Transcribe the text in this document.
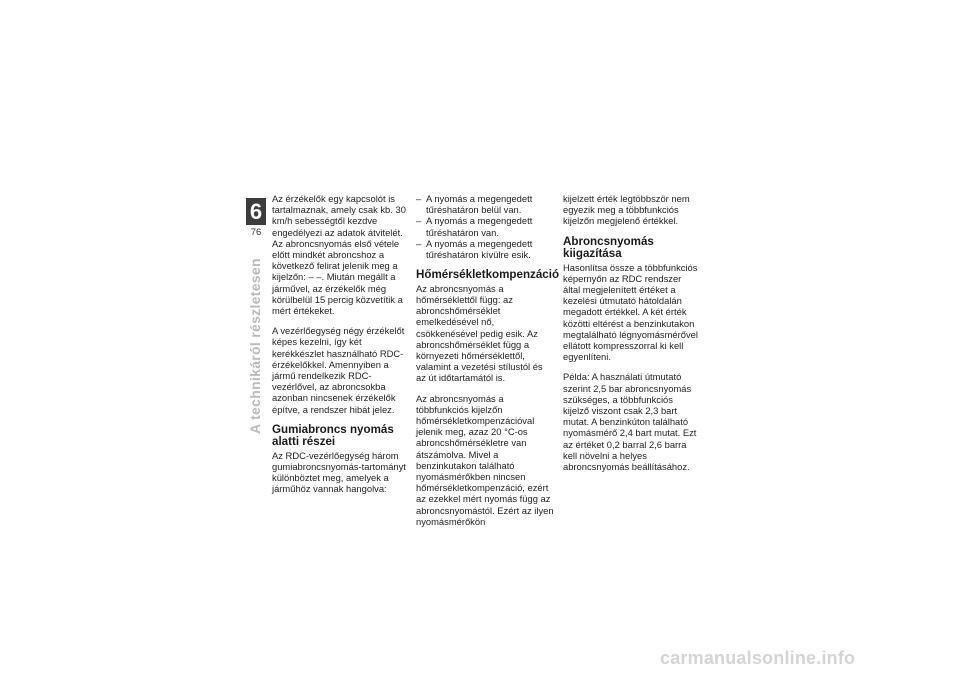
6
76
A technikáról részletesen

Az érzékelők egy kapcsolót is tartalmaznak, amely csak kb. 30 km/h sebességtől kezdve engedélyezi az adatok átvitelét. Az abroncsnyomás első vétele előtt mindkét abroncshoz a következő felirat jelenik meg a kijelzőn: – –. Miután megállt a járművel, az érzékelők még körülbelül 15 percig közvetítik a mért értékeket.

A vezérlőegység négy érzékelőt képes kezelni, így két kerékkészlet használható RDC-érzékelőkkel. Amennyiben a jármű rendelkezik RDC-vezérlővel, az abroncsokba azonban nincsenek érzékelők építve, a rendszer hibát jelez.

Gumiabroncs nyomás alatti részei

Az RDC-vezérlőegység három gumiabroncsnyomás-tartományt különböztet meg, amelyek a járműhöz vannak hangolva:

– A nyomás a megengedett tűréshatáron belül van.
– A nyomás a megengedett tűréshatáron van.
– A nyomás a megengedett tűréshatáron kívülre esik.
Hőmérsékletkompenzáció

Az abroncsnyomás a hőmérséklettől függ: az abroncshőmérséklet emelkedésével nő, csökkenésével pedig esik. Az abroncshőmérséklet függ a környezeti hőmérséklettől, valamint a vezetési stílustól és az út időtartamától is.

Az abroncsnyomás a többfunkciós kijelzőn hőmérsékletkompenzációval jelenik meg, azaz 20 °C-os abroncshőmérsékletre van átszámolva. Mivel a benzinkutakon található nyomásmérőkben nincsen hőmérsékletkompenzáció, ezért az ezekkel mért nyomás függ az abroncsnyomástól. Ezért az ilyen nyomásmérőkön

kijelzett érték legtöbbször nem egyezik meg a többfunkciós kijelzőn megjelenő értékkel.

Abroncsnyomás kiigazítása

Hasonlítsa össze a többfunkciós képernyőn az RDC rendszer által megjelenített értéket a kezelési útmutató hátoldalán megadott értékkel. A két érték közötti eltérést a benzinkutakon megtalálható légnyomásmérővel ellátott kompresszorral ki kell egyenlíteni.

Példa: A használati útmutató szerint 2,5 bar abroncsnyomás szükséges, a többfunkciós kijelző viszont csak 2,3 bart mutat. A benzinkúton található nyomásmérő 2,4 bart mutat. Ezt az értéket 0,2 barral 2,6 barra kell növelni a helyes abroncsnyomás beállításához.

carmanualsonline.info
